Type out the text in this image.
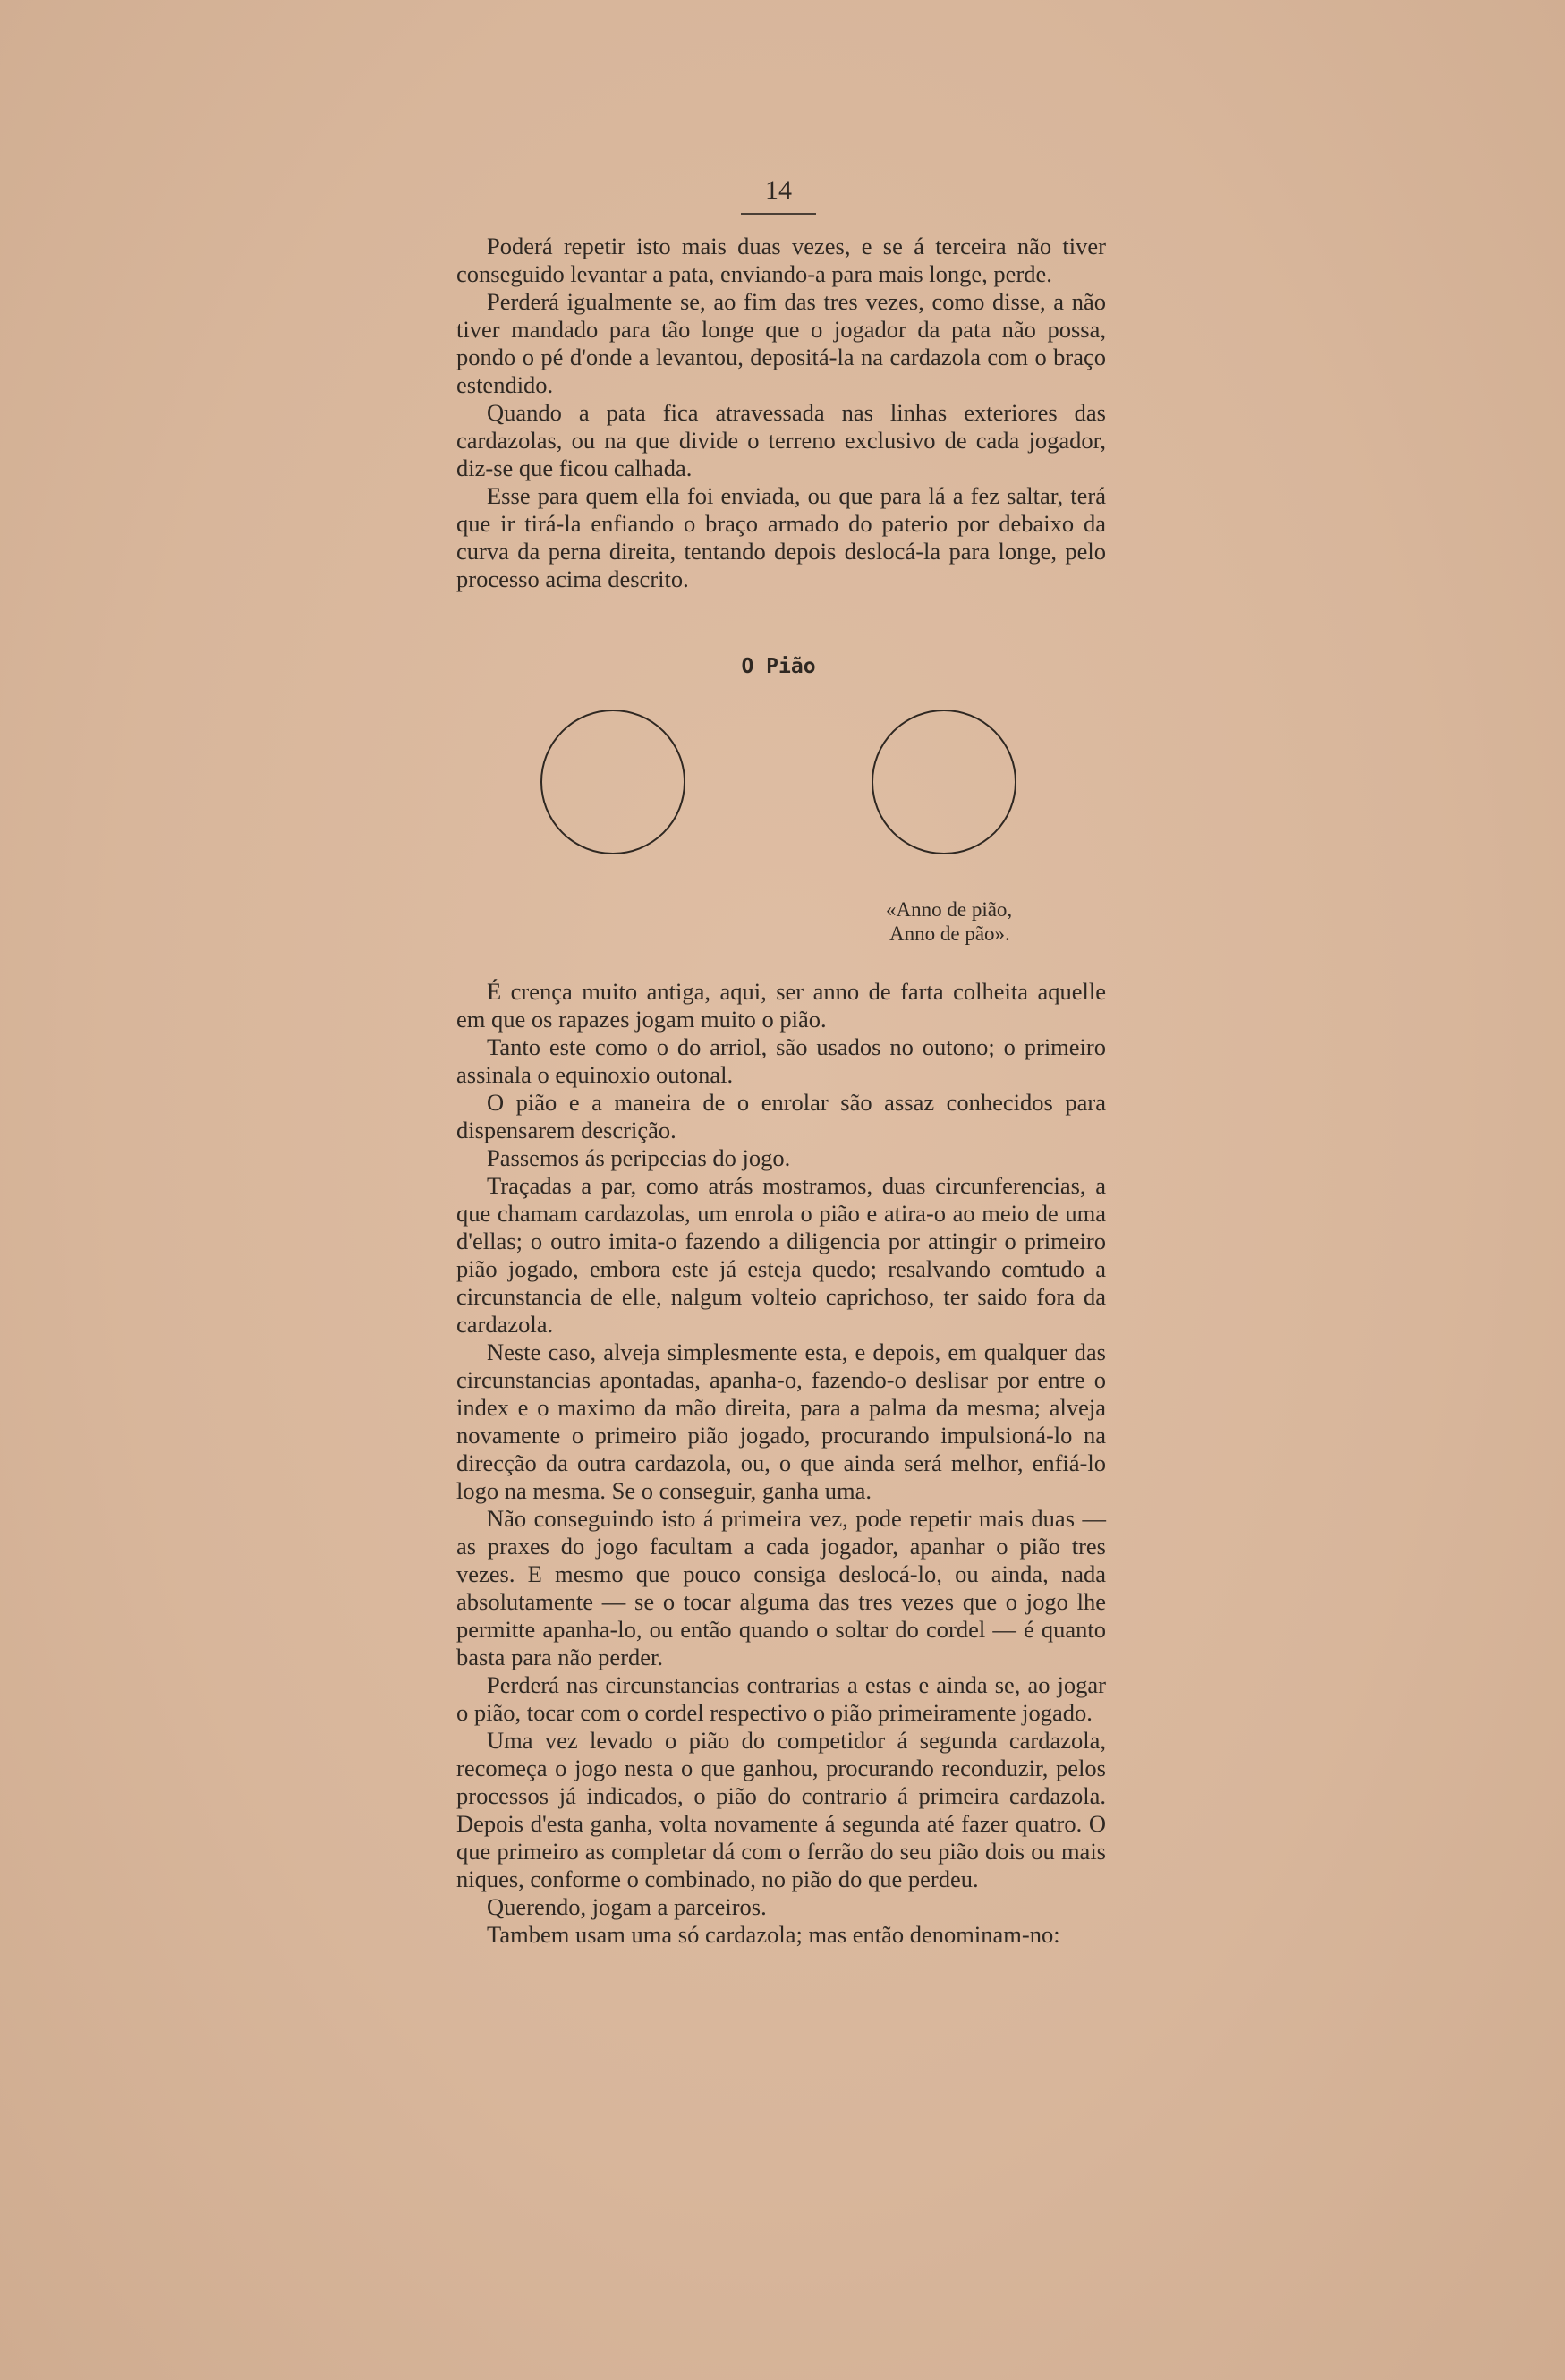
14

Poderá repetir isto mais duas vezes, e se á terceira não tiver conseguido levantar a pata, enviando-a para mais longe, perde.

Perderá igualmente se, ao fim das tres vezes, como disse, a não tiver mandado para tão longe que o jogador da pata não possa, pondo o pé d'onde a levantou, depositá-la na cardazola com o braço estendido.

Quando a pata fica atravessada nas linhas exteriores das cardazolas, ou na que divide o terreno exclusivo de cada jogador, diz-se que ficou calhada.

Esse para quem ella foi enviada, ou que para lá a fez saltar, terá que ir tirá-la enfiando o braço armado do paterio por debaixo da curva da perna direita, tentando depois deslocá-la para longe, pelo processo acima descrito.

O Pião
«Anno de pião,
Anno de pão».

É crença muito antiga, aqui, ser anno de farta colheita aquelle em que os rapazes jogam muito o pião.

Tanto este como o do arriol, são usados no outono; o primeiro assinala o equinoxio outonal.

O pião e a maneira de o enrolar são assaz conhecidos para dispensarem descrição.

Passemos ás peripecias do jogo.

Traçadas a par, como atrás mostramos, duas circunferencias, a que chamam cardazolas, um enrola o pião e atira-o ao meio de uma d'ellas; o outro imita-o fazendo a diligencia por attingir o primeiro pião jogado, embora este já esteja quedo; resalvando comtudo a circunstancia de elle, nalgum volteio caprichoso, ter saido fora da cardazola.

Neste caso, alveja simplesmente esta, e depois, em qualquer das circunstancias apontadas, apanha-o, fazendo-o deslisar por entre o index e o maximo da mão direita, para a palma da mesma; alveja novamente o primeiro pião jogado, procurando impulsioná-lo na direcção da outra cardazola, ou, o que ainda será melhor, enfiá-lo logo na mesma. Se o conseguir, ganha uma.

Não conseguindo isto á primeira vez, pode repetir mais duas — as praxes do jogo facultam a cada jogador, apanhar o pião tres vezes. E mesmo que pouco consiga deslocá-lo, ou ainda, nada absolutamente — se o tocar alguma das tres vezes que o jogo lhe permitte apanha-lo, ou então quando o soltar do cordel — é quanto basta para não perder.

Perderá nas circunstancias contrarias a estas e ainda se, ao jogar o pião, tocar com o cordel respectivo o pião primeiramente jogado.

Uma vez levado o pião do competidor á segunda cardazola, recomeça o jogo nesta o que ganhou, procurando reconduzir, pelos processos já indicados, o pião do contrario á primeira cardazola. Depois d'esta ganha, volta novamente á segunda até fazer quatro. O que primeiro as completar dá com o ferrão do seu pião dois ou mais niques, conforme o combinado, no pião do que perdeu.

Querendo, jogam a parceiros.

Tambem usam uma só cardazola; mas então denominam-no:
